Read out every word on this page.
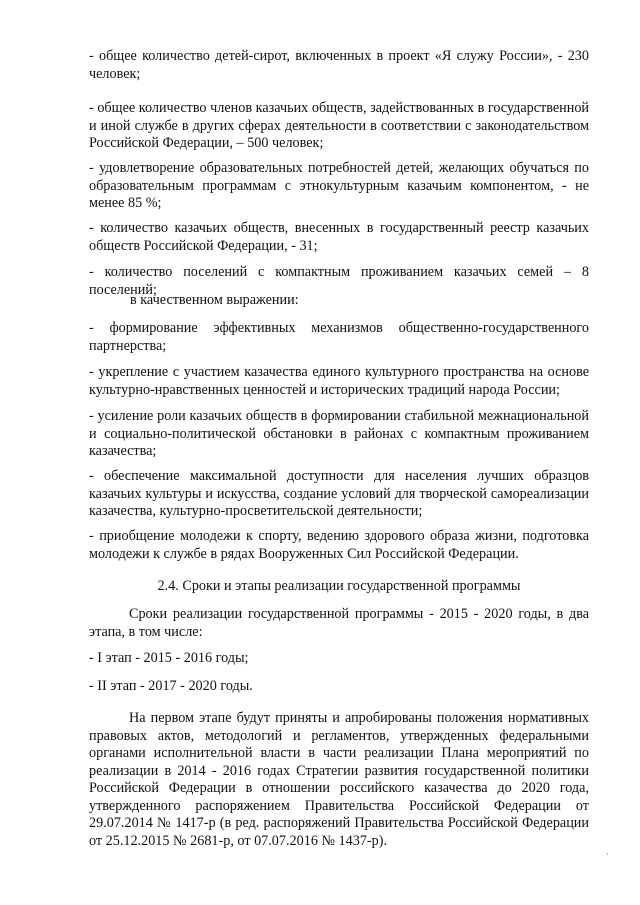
- общее количество детей-сирот, включенных в проект «Я служу России», - 230 человек;

- общее количество членов казачьих обществ, задействованных в государственной и иной службе в других сферах деятельности в соответствии с законодательством Российской Федерации, – 500 человек;

- удовлетворение образовательных потребностей детей, желающих обучаться по образовательным программам с этнокультурным казачьим компонентом, - не менее 85 %;

- количество казачьих обществ, внесенных в государственный реестр казачьих обществ Российской Федерации, - 31;

- количество поселений с компактным проживанием казачьих семей – 8 поселений;

в качественном выражении:

- формирование эффективных механизмов общественно-государственного партнерства;

- укрепление с участием казачества единого культурного пространства на основе культурно-нравственных ценностей и исторических традиций народа России;

- усиление роли казачьих обществ в формировании стабильной межнациональной и социально-политической обстановки в районах с компактным проживанием казачества;

- обеспечение максимальной доступности для населения лучших образцов казачьих культуры и искусства, создание условий для творческой самореализации казачества, культурно-просветительской деятельности;

- приобщение молодежи к спорту, ведению здорового образа жизни, подготовка молодежи к службе в рядах Вооруженных Сил Российской Федерации.

2.4. Сроки и этапы реализации государственной программы

Сроки реализации государственной программы - 2015 - 2020 годы, в два этапа, в том числе:

- I этап - 2015 - 2016 годы;

- II этап - 2017 - 2020 годы.

На первом этапе будут приняты и апробированы положения нормативных правовых актов, методологий и регламентов, утвержденных федеральными органами исполнительной власти в части реализации Плана мероприятий по реализации в 2014 - 2016 годах Стратегии развития государственной политики Российской Федерации в отношении российского казачества до 2020 года, утвержденного распоряжением Правительства Российской Федерации от 29.07.2014 № 1417-р (в ред. распоряжений Правительства Российской Федерации от 25.12.2015 № 2681-р, от 07.07.2016 № 1437-р).
